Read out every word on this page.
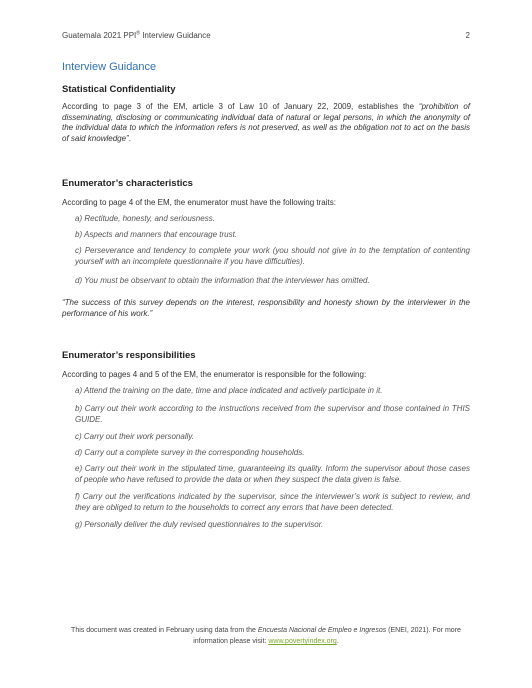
Guatemala 2021 PPI® Interview Guidance	2
Interview Guidance
Statistical Confidentiality
According to page 3 of the EM, article 3 of Law 10 of January 22, 2009, establishes the “prohibition of disseminating, disclosing or communicating individual data of natural or legal persons, in which the anonymity of the individual data to which the information refers is not preserved, as well as the obligation not to act on the basis of said knowledge”.
Enumerator’s characteristics
According to page 4 of the EM, the enumerator must have the following traits:
a) Rectitude, honesty, and seriousness.
b) Aspects and manners that encourage trust.
c) Perseverance and tendency to complete your work (you should not give in to the temptation of contenting yourself with an incomplete questionnaire if you have difficulties).
d) You must be observant to obtain the information that the interviewer has omitted.
“The success of this survey depends on the interest, responsibility and honesty shown by the interviewer in the performance of his work.”
Enumerator’s responsibilities
According to pages 4 and 5 of the EM, the enumerator is responsible for the following:
a) Attend the training on the date, time and place indicated and actively participate in it.
b) Carry out their work according to the instructions received from the supervisor and those contained in THIS GUIDE.
c) Carry out their work personally.
d) Carry out a complete survey in the corresponding households.
e) Carry out their work in the stipulated time, guaranteeing its quality. Inform the supervisor about those cases of people who have refused to provide the data or when they suspect the data given is false.
f) Carry out the verifications indicated by the supervisor, since the interviewer’s work is subject to review, and they are obliged to return to the households to correct any errors that have been detected.
g) Personally deliver the duly revised questionnaires to the supervisor.
This document was created in February using data from the Encuesta Nacional de Empleo e Ingresos (ENEI, 2021). For more information please visit: www.povertyindex.org.
